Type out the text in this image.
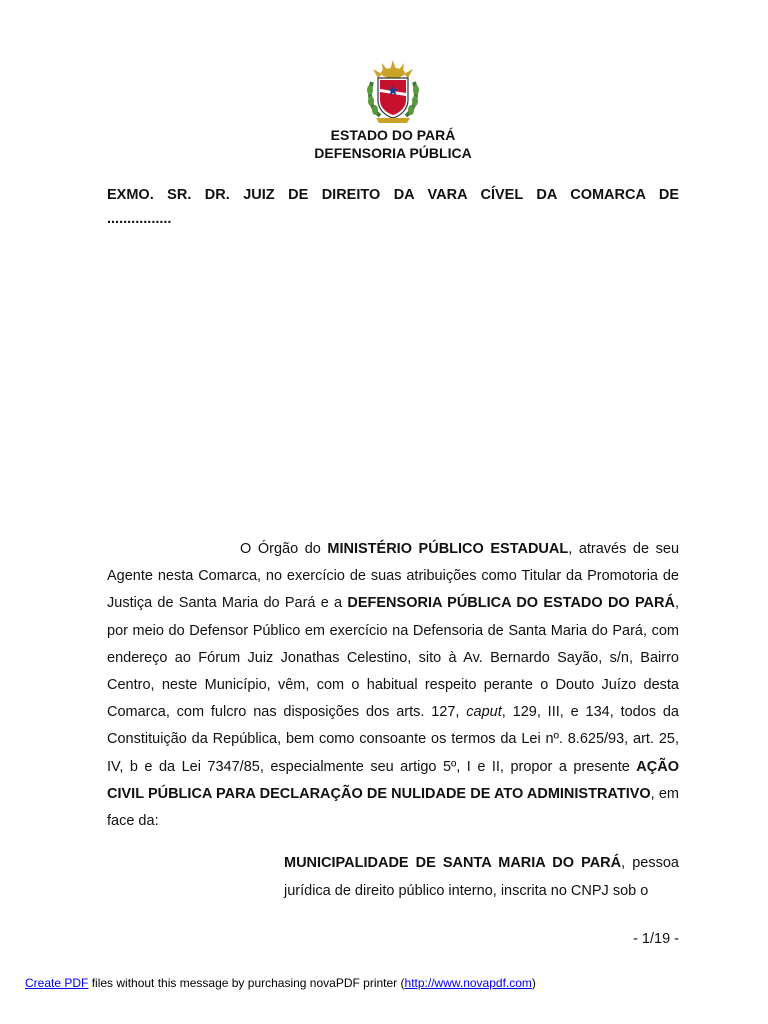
ESTADO DO PARÁ
DEFENSORIA PÚBLICA
EXMO. SR. DR. JUIZ DE DIREITO DA VARA CÍVEL DA COMARCA DE
................
O Órgão do MINISTÉRIO PÚBLICO ESTADUAL, através de seu Agente nesta Comarca, no exercício de suas atribuições como Titular da Promotoria de Justiça de Santa Maria do Pará e a DEFENSORIA PÚBLICA DO ESTADO DO PARÁ, por meio do Defensor Público em exercício na Defensoria de Santa Maria do Pará, com endereço ao Fórum Juiz Jonathas Celestino, sito à Av. Bernardo Sayão, s/n, Bairro Centro, neste Município, vêm, com o habitual respeito perante o Douto Juízo desta Comarca, com fulcro nas disposições dos arts. 127, caput, 129, III, e 134, todos da Constituição da República, bem como consoante os termos da Lei nº. 8.625/93, art. 25, IV, b e da Lei 7347/85, especialmente seu artigo 5º, I e II, propor a presente AÇÃO CIVIL PÚBLICA PARA DECLARAÇÃO DE NULIDADE DE ATO ADMINISTRATIVO, em face da:
MUNICIPALIDADE DE SANTA MARIA DO PARÁ, pessoa jurídica de direito público interno, inscrita no CNPJ sob o
- 1/19 -
Create PDF files without this message by purchasing novaPDF printer (http://www.novapdf.com)
